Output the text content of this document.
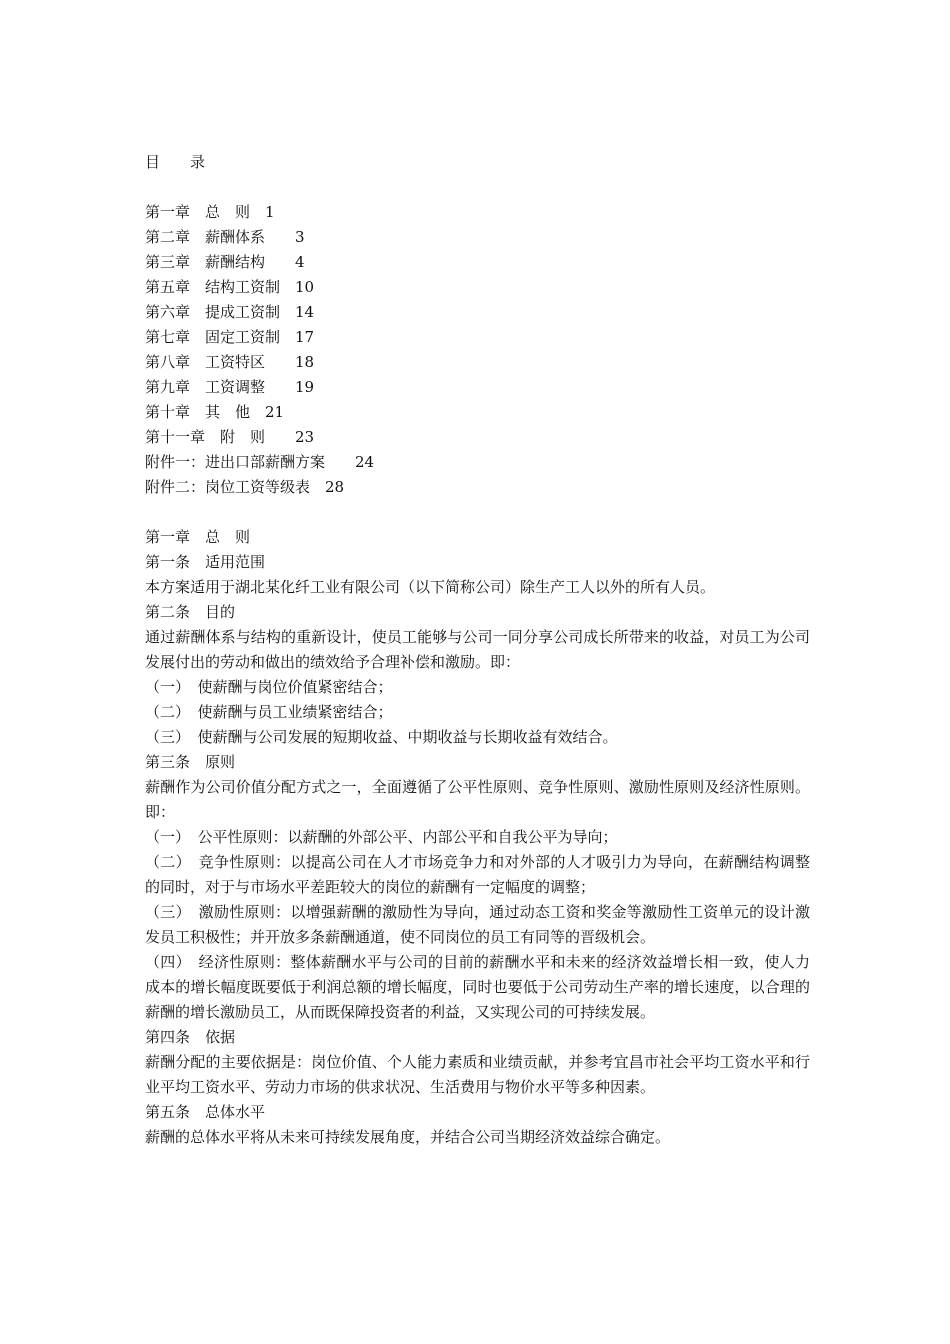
目　　录
第一章　总　则　1
第二章　薪酬体系　　3
第三章　薪酬结构　　4
第五章　结构工资制　10
第六章　提成工资制　14
第七章　固定工资制　17
第八章　工资特区　　18
第九章　工资调整　　19
第十章　其　他　21
第十一章　附　则　　23
附件一：进出口部薪酬方案　　24
附件二：岗位工资等级表　28
第一章　总　则
第一条　适用范围
本方案适用于湖北某化纤工业有限公司（以下简称公司）除生产工人以外的所有人员。
第二条　目的
通过薪酬体系与结构的重新设计，使员工能够与公司一同分享公司成长所带来的收益，对员工为公司发展付出的劳动和做出的绩效给予合理补偿和激励。即：
（一）　使薪酬与岗位价值紧密结合；
（二）　使薪酬与员工业绩紧密结合；
（三）　使薪酬与公司发展的短期收益、中期收益与长期收益有效结合。
第三条　原则
薪酬作为公司价值分配方式之一，全面遵循了公平性原则、竞争性原则、激励性原则及经济性原则。即：
（一）　公平性原则：以薪酬的外部公平、内部公平和自我公平为导向；
（二）　竞争性原则：以提高公司在人才市场竞争力和对外部的人才吸引力为导向，在薪酬结构调整的同时，对于与市场水平差距较大的岗位的薪酬有一定幅度的调整；
（三）　激励性原则：以增强薪酬的激励性为导向，通过动态工资和奖金等激励性工资单元的设计激发员工积极性；并开放多条薪酬通道，使不同岗位的员工有同等的晋级机会。
（四）　经济性原则：整体薪酬水平与公司的目前的薪酬水平和未来的经济效益增长相一致，使人力成本的增长幅度既要低于利润总额的增长幅度，同时也要低于公司劳动生产率的增长速度，以合理的薪酬的增长激励员工，从而既保障投资者的利益，又实现公司的可持续发展。
第四条　依据
薪酬分配的主要依据是：岗位价值、个人能力素质和业绩贡献，并参考宜昌市社会平均工资水平和行业平均工资水平、劳动力市场的供求状况、生活费用与物价水平等多种因素。
第五条　总体水平
薪酬的总体水平将从未来可持续发展角度，并结合公司当期经济效益综合确定。
